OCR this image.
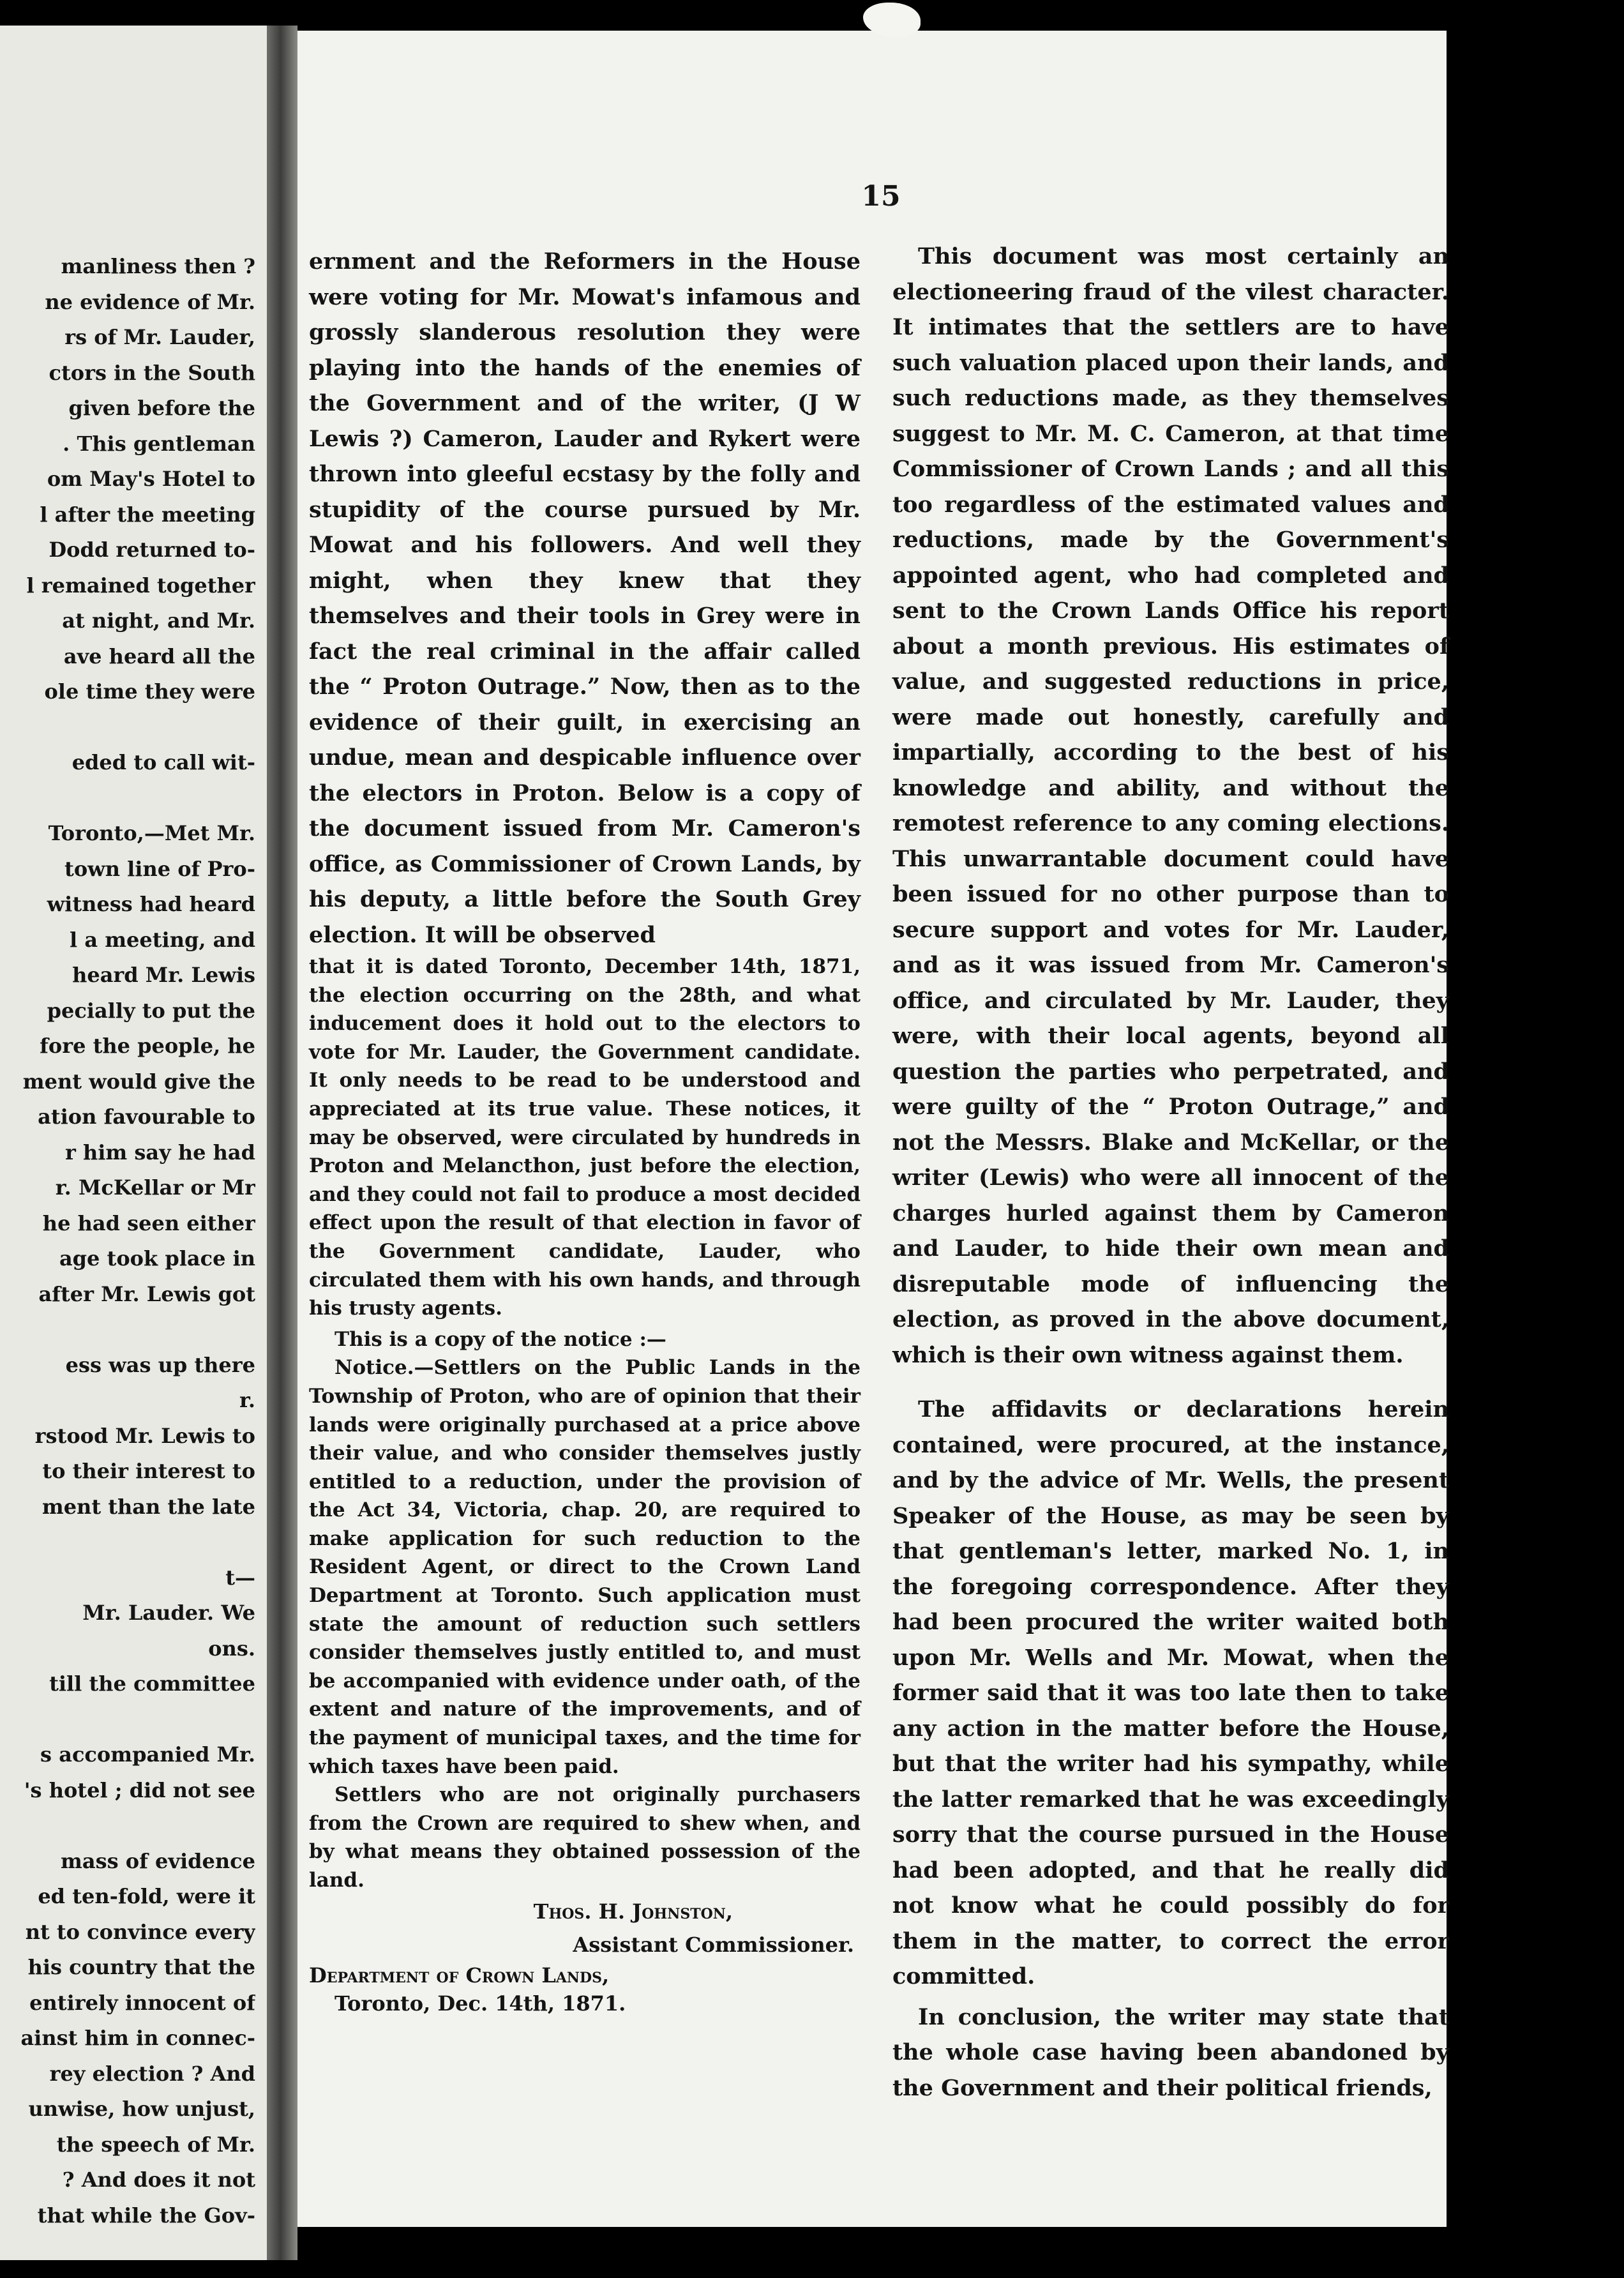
manliness then ?
ne evidence of Mr.
rs of Mr. Lauder,
ctors in the South
given before the
. This gentleman
om May's Hotel to
l after the meeting
Dodd returned to-
l remained together
at night, and Mr.
ave heard all the
ole time they were
eded to call wit-
Toronto,—Met Mr.
town line of Pro-
witness had heard
l a meeting, and
heard Mr. Lewis
pecially to put the
fore the people, he
ment would give the
ation favourable to
r him say he had
r. McKellar or Mr
he had seen either
age took place in
after Mr. Lewis got
ess was up there
r.
rstood Mr. Lewis to
to their interest to
ment than the late
t—
Mr. Lauder. We
ons.
till the committee
s accompanied Mr.
's hotel ; did not see
mass of evidence
ed ten-fold, were it
nt to convince every
his country that the
entirely innocent of
ainst him in connec-
rey election ? And
unwise, how unjust,
the speech of Mr.
? And does it not
that while the Gov-
15

ernment and the Reformers in the House were voting for Mr. Mowat's infamous and grossly slanderous resolution they were playing into the hands of the enemies of the Government and of the writer, (J W Lewis ?) Cameron, Lauder and Rykert were thrown into gleeful ecstasy by the folly and stupidity of the course pursued by Mr. Mowat and his followers. And well they might, when they knew that they themselves and their tools in Grey were in fact the real criminal in the affair called the “ Proton Outrage.” Now, then as to the evidence of their guilt, in exercising an undue, mean and despicable influence over the electors in Proton. Below is a copy of the document issued from Mr. Cameron's office, as Commissioner of Crown Lands, by his deputy, a little before the South Grey election. It will be observed

that it is dated Toronto, December 14th, 1871, the election occurring on the 28th, and what inducement does it hold out to the electors to vote for Mr. Lauder, the Government candidate. It only needs to be read to be understood and appreciated at its true value. These notices, it may be observed, were circulated by hundreds in Proton and Melancthon, just before the election, and they could not fail to produce a most decided effect upon the result of that election in favor of the Government candidate, Lauder, who circulated them with his own hands, and through his trusty agents.

This is a copy of the notice :—

Notice.—Settlers on the Public Lands in the Township of Proton, who are of opinion that their lands were originally purchased at a price above their value, and who consider themselves justly entitled to a reduction, under the provision of the Act 34, Victoria, chap. 20, are required to make application for such reduction to the Resident Agent, or direct to the Crown Land Department at Toronto. Such application must state the amount of reduction such settlers consider themselves justly entitled to, and must be accompanied with evidence under oath, of the extent and nature of the improvements, and of the payment of municipal taxes, and the time for which taxes have been paid.

Settlers who are not originally purchasers from the Crown are required to shew when, and by what means they obtained possession of the land.

Thos. H. Johnston,

Assistant Commissioner.

Department of Crown Lands,

Toronto, Dec. 14th, 1871.

This document was most certainly an electioneering fraud of the vilest character. It intimates that the settlers are to have such valuation placed upon their lands, and such reductions made, as they themselves suggest to Mr. M. C. Cameron, at that time Commissioner of Crown Lands ; and all this too regardless of the estimated values and reductions, made by the Government's appointed agent, who had completed and sent to the Crown Lands Office his report about a month previous. His estimates of value, and suggested reductions in price, were made out honestly, carefully and impartially, according to the best of his knowledge and ability, and without the remotest reference to any coming elections. This unwarrantable document could have been issued for no other purpose than to secure support and votes for Mr. Lauder, and as it was issued from Mr. Cameron's office, and circulated by Mr. Lauder, they were, with their local agents, beyond all question the parties who perpetrated, and were guilty of the “ Proton Outrage,” and not the Messrs. Blake and McKellar, or the writer (Lewis) who were all innocent of the charges hurled against them by Cameron and Lauder, to hide their own mean and disreputable mode of influencing the election, as proved in the above document, which is their own witness against them.

The affidavits or declarations herein contained, were procured, at the instance, and by the advice of Mr. Wells, the present Speaker of the House, as may be seen by that gentleman's letter, marked No. 1, in the foregoing correspondence. After they had been procured the writer waited both upon Mr. Wells and Mr. Mowat, when the former said that it was too late then to take any action in the matter before the House, but that the writer had his sympathy, while the latter remarked that he was exceedingly sorry that the course pursued in the House had been adopted, and that he really did not know what he could possibly do for them in the matter, to correct the error committed.

In conclusion, the writer may state that the whole case having been abandoned by the Government and their political friends,
